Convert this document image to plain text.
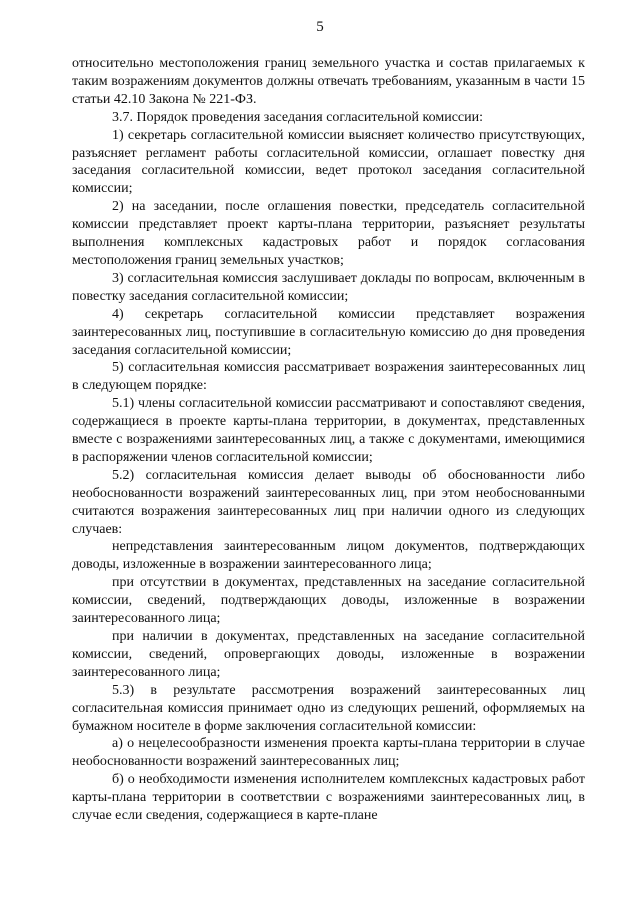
5

относительно местоположения границ земельного участка и состав прилагаемых к таким возражениям документов должны отвечать требованиям, указанным в части 15 статьи 42.10 Закона № 221-ФЗ.

3.7. Порядок проведения заседания согласительной комиссии:

1) секретарь согласительной комиссии выясняет количество присутствующих, разъясняет регламент работы согласительной комиссии, оглашает повестку дня заседания согласительной комиссии, ведет протокол заседания согласительной комиссии;

2) на заседании, после оглашения повестки, председатель согласительной комиссии представляет проект карты-плана территории, разъясняет результаты выполнения комплексных кадастровых работ и порядок согласования местоположения границ земельных участков;

3) согласительная комиссия заслушивает доклады по вопросам, включенным в повестку заседания согласительной комиссии;

4) секретарь согласительной комиссии представляет возражения заинтересованных лиц, поступившие в согласительную комиссию до дня проведения заседания согласительной комиссии;

5) согласительная комиссия рассматривает возражения заинтересованных лиц в следующем порядке:

5.1) члены согласительной комиссии рассматривают и сопоставляют сведения, содержащиеся в проекте карты-плана территории, в документах, представленных вместе с возражениями заинтересованных лиц, а также с документами, имеющимися в распоряжении членов согласительной комиссии;

5.2) согласительная комиссия делает выводы об обоснованности либо необоснованности возражений заинтересованных лиц, при этом необоснованными считаются возражения заинтересованных лиц при наличии одного из следующих случаев:

непредставления заинтересованным лицом документов, подтверждающих доводы, изложенные в возражении заинтересованного лица;

при отсутствии в документах, представленных на заседание согласительной комиссии, сведений, подтверждающих доводы, изложенные в возражении заинтересованного лица;

при наличии в документах, представленных на заседание согласительной комиссии, сведений, опровергающих доводы, изложенные в возражении заинтересованного лица;

5.3) в результате рассмотрения возражений заинтересованных лиц согласительная комиссия принимает одно из следующих решений, оформляемых на бумажном носителе в форме заключения согласительной комиссии:

а) о нецелесообразности изменения проекта карты-плана территории в случае необоснованности возражений заинтересованных лиц;

б) о необходимости изменения исполнителем комплексных кадастровых работ карты-плана территории в соответствии с возражениями заинтересованных лиц, в случае если сведения, содержащиеся в карте-плане
